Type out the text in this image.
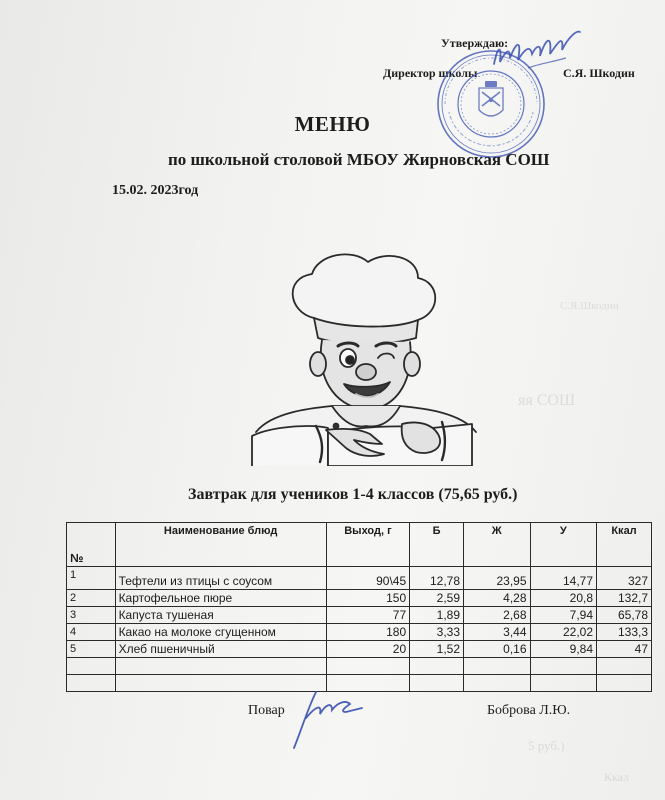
С.Я.Шкодин
яя СОШ
5 руб.)
Ккал
Утверждаю:
Директор школы	С.Я. Шкодин
МЕНЮ
по школьной столовой МБОУ Жирновская СОШ
15.02. 2023год
Завтрак для учеников 1-4 классов (75,65 руб.)
№	Наименование блюд	Выход, г	Б	Ж	У	Ккал
1	Тефтели из птицы с соусом	90\45	12,78	23,95	14,77	327
2	Картофельное пюре	150	2,59	4,28	20,8	132,7
3	Капуста тушеная	77	1,89	2,68	7,94	65,78
4	Какао на молоке сгущенном	180	3,33	3,44	22,02	133,3
5	Хлеб пшеничный	20	1,52	0,16	9,84	47

Повар	Боброва Л.Ю.
